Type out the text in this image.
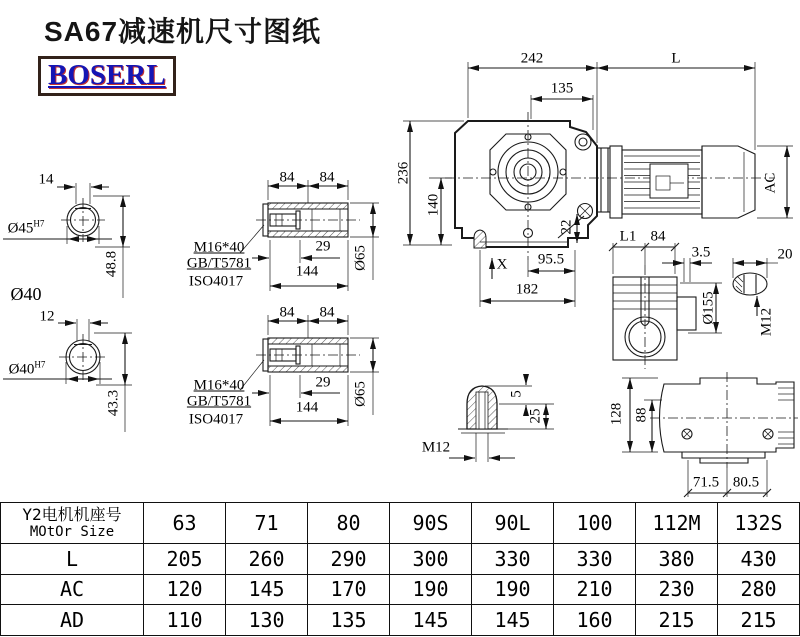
SA67减速机尺寸图纸
BOSERL
14
$Ø45^{H7}$
48.8
Ø40
12
$Ø40^{H7}$
43.3
84 84
29
144
Ø65
M16*40
GB/T5781
ISO4017
84 84
29
144
Ø65
M16*40
GB/T5781
ISO4017
242	L
135
236
140
22
X 95.5
182
AC
L1 84
3.5	20
Ø155	M12
128 88
71.5 80.5
M12
5
25
Y2电机机座号
MOtOr Size	63	71	80	90S	90L	100	112M	132S
L	205	260	290	300	330	330	380	430
AC	120	145	170	190	190	210	230	280
AD	110	130	135	145	145	160	215	215
